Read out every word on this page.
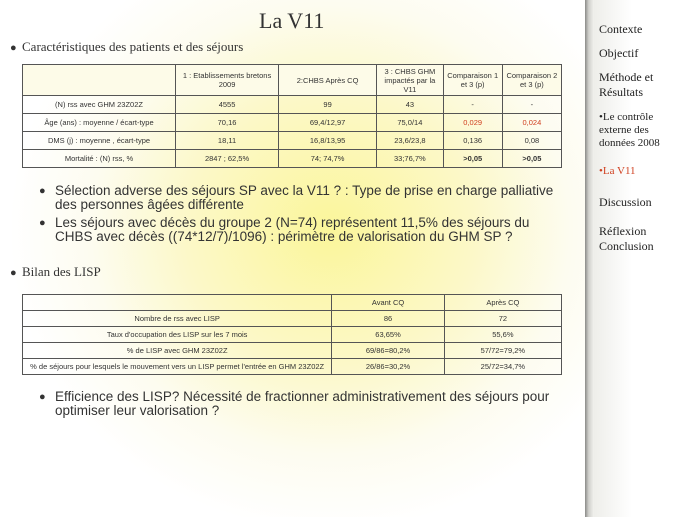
La V11
● Caractéristiques des patients et des séjours
	1 : Etablissements bretons 2009	2:CHBS Après CQ	3 : CHBS GHM impactés par la V11	Comparaison 1 et 3 (p)	Comparaison 2 et 3 (p)
(N) rss avec GHM 23Z02Z	4555	99	43	-	-
Âge (ans) : moyenne / écart-type	70,16	69,4/12,97	75,0/14	0,029	0,024
DMS (j) : moyenne , écart-type	18,11	16,8/13,95	23,6/23,8	0,136	0,08
Mortalité : (N) rss, %	2847 ; 62,5%	74; 74,7%	33;76,7%	>0,05	>0,05
● Sélection adverse des séjours SP avec la V11 ? : Type de prise en charge palliative des personnes âgées différente
● Les séjours avec décès du groupe 2 (N=74) représentent 11,5% des séjours du CHBS avec décès ((74*12/7)/1096) : périmètre de valorisation du GHM SP ?
● Bilan des LISP
	Avant CQ	Après CQ
Nombre de rss avec LISP	86	72
Taux d'occupation des LISP sur les 7 mois	63,65%	55,6%
% de LISP avec GHM 23Z02Z	69/86=80,2%	57/72=79,2%
% de séjours pour lesquels le mouvement vers un LISP permet l'entrée en GHM 23Z02Z	26/86=30,2%	25/72=34,7%
● Efficience des LISP? Nécessité de fractionner administrativement des séjours pour optimiser leur valorisation ?
Contexte
Objectif
Méthode et Résultats
•Le contrôle externe des données 2008
•La V11
Discussion
Réflexion Conclusion
